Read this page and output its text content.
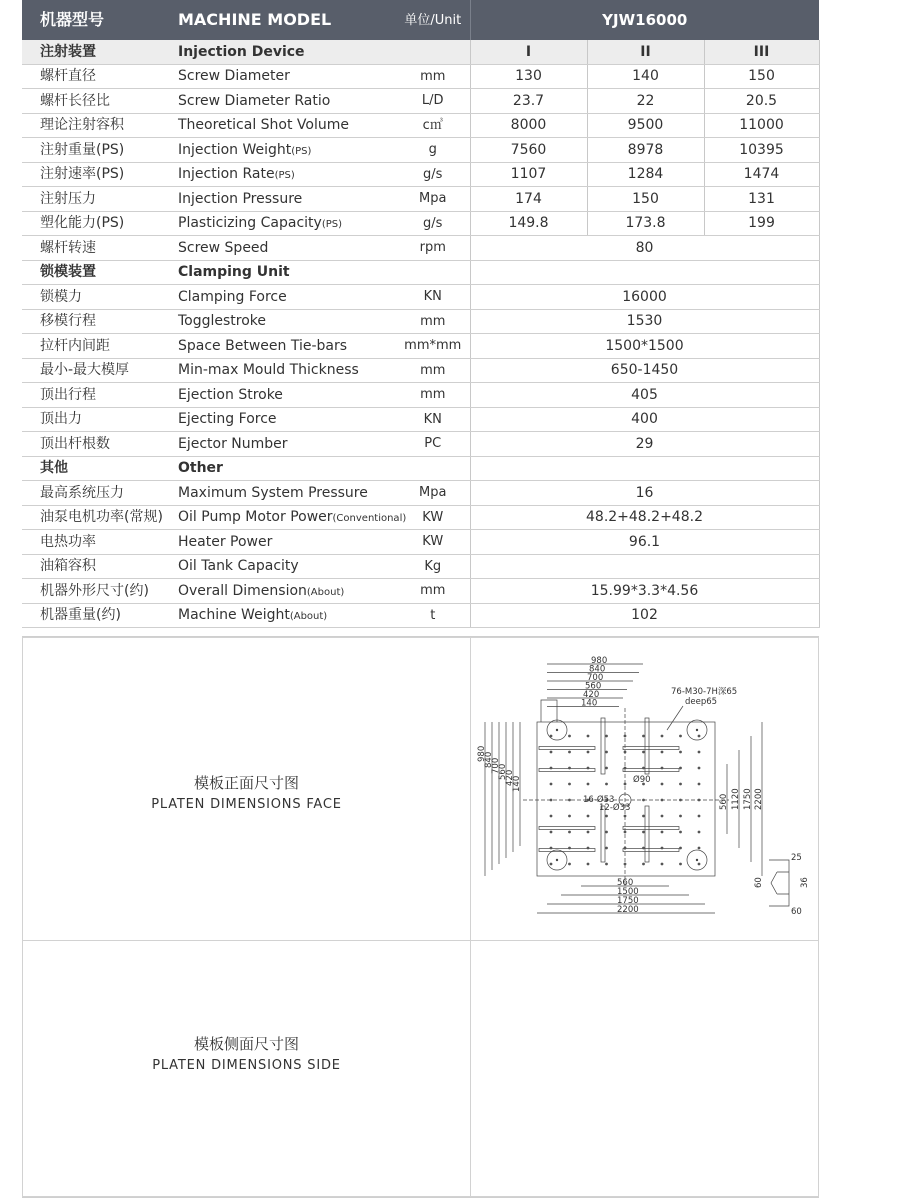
机器型号	MACHINE MODEL	单位/Unit	YJW16000		
注射装置	Injection Device		I	II	III
螺杆直径	Screw Diameter	mm	130	140	150
螺杆长径比	Screw Diameter Ratio	L/D	23.7	22	20.5
理论注射容积	Theoretical Shot Volume	c㎥	8000	9500	11000
注射重量(PS)	Injection Weight(PS)	g	7560	8978	10395
注射速率(PS)	Injection Rate(PS)	g/s	1107	1284	1474
注射压力	Injection Pressure	Mpa	174	150	131
塑化能力(PS)	Plasticizing Capacity(PS)	g/s	149.8	173.8	199
螺杆转速	Screw Speed	rpm	80		
锁模装置	Clamping Unit				
锁模力	Clamping Force	KN	16000		
移模行程	Togglestroke	mm	1530		
拉杆内间距	Space Between Tie-bars	mm*mm	1500*1500		
最小-最大模厚	Min-max Mould Thickness	mm	650-1450		
顶出行程	Ejection Stroke	mm	405		
顶出力	Ejecting Force	KN	400		
顶出杆根数	Ejector Number	PC	29		
其他	Other				
最高系统压力	Maximum System Pressure	Mpa	16		
油泵电机功率(常规)	Oil Pump Motor Power(Conventional)	KW	48.2+48.2+48.2		
电热功率	Heater Power	KW	96.1		
油箱容积	Oil Tank Capacity	Kg			
机器外形尺寸(约)	Overall Dimension(About)	mm	15.99*3.3*4.56		
机器重量(约)	Machine Weight(About)	t	102		
模板正面尺寸图
PLATEN DIMENSIONS FACE
980
840
700
560
420
140
980
840
700
560
420
140
560 1120 1750 2200
560
1500
1750
2200
76-M30-7H深65
deep65
Ø90
16-Ø53
12-Ø33
25
60	36
60
模板侧面尺寸图
PLATEN DIMENSIONS SIDE
